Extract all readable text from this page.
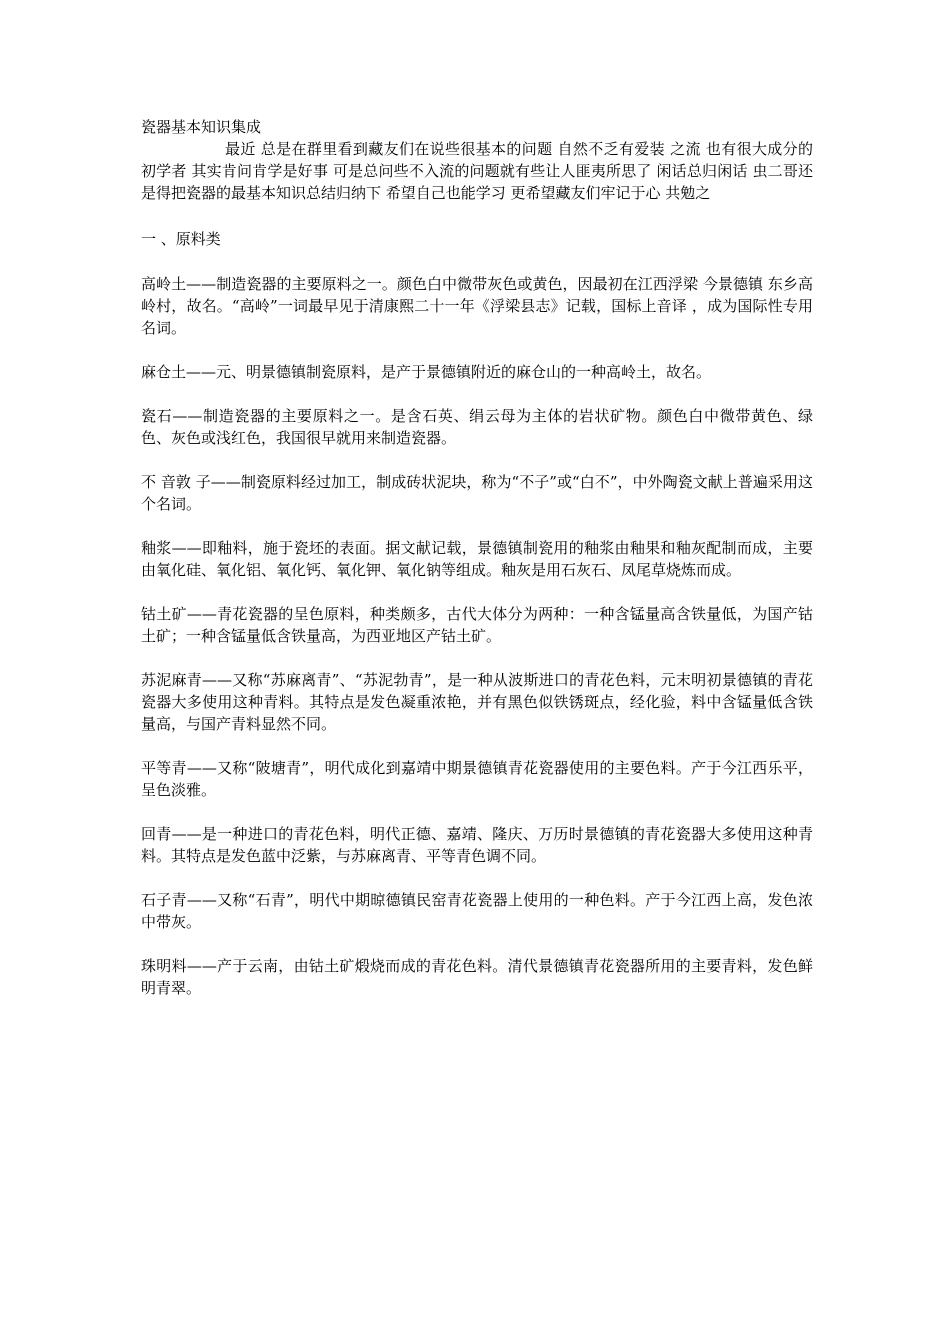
瓷器基本知识集成

最近 总是在群里看到藏友们在说些很基本的问题 自然不乏有爱装 之流 也有很大成分的初学者 其实肯问肯学是好事 可是总问些不入流的问题就有些让人匪夷所思了 闲话总归闲话 虫二哥还是得把瓷器的最基本知识总结归纳下 希望自己也能学习 更希望藏友们牢记于心 共勉之

一 、原料类

高岭土——制造瓷器的主要原料之一。颜色白中微带灰色或黄色，因最初在江西浮梁 今景德镇 东乡高岭村，故名。“高岭”一词最早见于清康熙二十一年《浮梁县志》记载，国标上音译 ，成为国际性专用名词。

麻仓土——元、明景德镇制瓷原料，是产于景德镇附近的麻仓山的一种高岭土，故名。

瓷石——制造瓷器的主要原料之一。是含石英、绢云母为主体的岩状矿物。颜色白中微带黄色、绿色、灰色或浅红色，我国很早就用来制造瓷器。

不 音敦 子——制瓷原料经过加工，制成砖状泥块，称为“不子”或“白不”，中外陶瓷文献上普遍采用这个名词。

釉浆——即釉料，施于瓷坯的表面。据文献记载，景德镇制瓷用的釉浆由釉果和釉灰配制而成，主要由氧化硅、氧化铝、氧化钙、氧化钾、氧化钠等组成。釉灰是用石灰石、凤尾草烧炼而成。

钴土矿——青花瓷器的呈色原料，种类颇多，古代大体分为两种：一种含锰量高含铁量低，为国产钴土矿；一种含锰量低含铁量高，为西亚地区产钴土矿。

苏泥麻青——又称“苏麻离青”、“苏泥勃青”，是一种从波斯进口的青花色料，元末明初景德镇的青花瓷器大多使用这种青料。其特点是发色凝重浓艳，并有黑色似铁锈斑点，经化验，料中含锰量低含铁量高，与国产青料显然不同。

平等青——又称“陂塘青”，明代成化到嘉靖中期景德镇青花瓷器使用的主要色料。产于今江西乐平，呈色淡雅。

回青——是一种进口的青花色料，明代正德、嘉靖、隆庆、万历时景德镇的青花瓷器大多使用这种青料。其特点是发色蓝中泛紫，与苏麻离青、平等青色调不同。

石子青——又称“石青”，明代中期晾德镇民窑青花瓷器上使用的一种色料。产于今江西上高，发色浓中带灰。

珠明料——产于云南，由钴土矿煅烧而成的青花色料。清代景德镇青花瓷器所用的主要青料，发色鲜明青翠。
